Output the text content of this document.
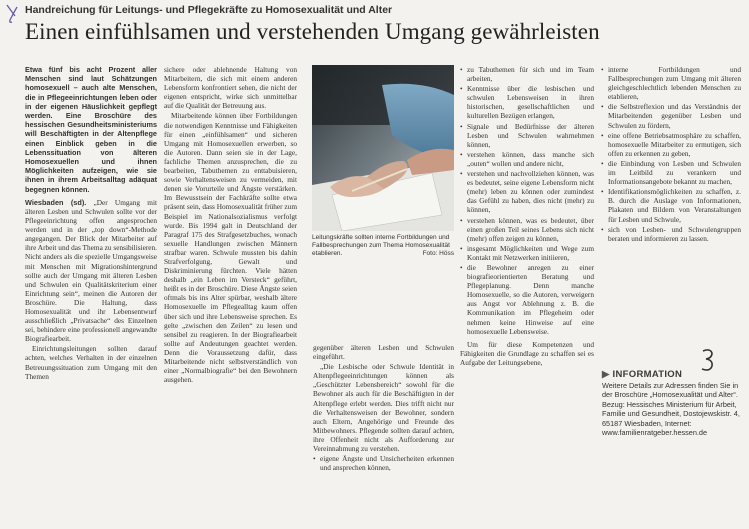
Handreichung für Leitungs- und Pflegekräfte zu Homosexualität und Alter
Einen einfühlsamen und verstehenden Umgang gewährleisten

Etwa fünf bis acht Prozent aller Menschen sind laut Schätzungen homosexuell – auch alte Menschen, die in Pflegeeinrichtungen leben oder in der eigenen Häuslichkeit gepflegt werden. Eine Broschüre des hessischen Gesundheitsministeriums will Beschäftigten in der Altenpflege einen Einblick geben in die Lebenssituation von älteren Homosexuellen und ihnen Möglichkeiten aufzeigen, wie sie ihnen in ihrem Arbeitsalltag adäquat begegnen können.

Wiesbaden (sd). „Der Umgang mit älteren Lesben und Schwulen sollte vor der Pflegeeinrichtung offen angesprochen werden und in der „top down“-Methode angegangen. Der Blick der Mitarbeiter auf ihre Arbeit und das Thema zu sensibilisieren. Nicht anders als die spezielle Umgangsweise mit Menschen mit Migrationshintergrund sollte auch der Umgang mit älteren Lesben und Schwulen ein Qualitätskriterium einer Einrichtung sein“, meinen die Autoren der Broschüre. Die Haltung, dass Homosexualität und ihr Lebensentwurf ausschließlich „Privatsache“ des Einzelnen sei, behindere eine professionell angewandte Biografiearbeit.

Einrichtungsleitungen sollten darauf achten, welches Verhalten in der einzelnen Betreuungssituation zum Umgang mit den Themen

sichere oder ablehnende Haltung von Mitarbeitern, die sich mit einem anderen Lebensform konfrontiert sehen, die nicht der eigenen entspricht, wirke sich unmittelbar auf die Qualität der Betreuung aus.

Mitarbeitende können über Fortbildungen die notwendigen Kenntnisse und Fähigkeiten für einen „einfühlsamen“ und sicheren Umgang mit Homosexuellen erwerben, so die Autoren. Dann seien sie in der Lage, fachliche Themen anzusprechen, die zu bearbeiten, Tabuthemen zu enttabuisieren, sowie Verhaltensweisen zu vermeiden, mit denen sie Vorurteile und Ängste verstärken. Im Bewusstsein der Fachkräfte sollte etwa präsent sein, dass Homosexualität früher zum Beispiel im Nationalsozialismus verfolgt wurde. Bis 1994 galt in Deutschland der Paragraf 175 des Strafgesetzbuches, wonach sexuelle Handlungen zwischen Männern strafbar waren. Schwule mussten bis dahin Strafverfolgung, Gewalt und Diskriminierung fürchten. Viele hätten deshalb „ein Leben im Versteck“ geführt, heißt es in der Broschüre. Diese Ängste seien oftmals bis ins Alter spürbar, weshalb ältere Homosexuelle im Pflegealltag kaum offen über sich und ihre Lebensweise sprechen. Es gelte „zwischen den Zeilen“ zu lesen und sensibel zu reagieren. In der Biografiearbeit sollte auf Andeutungen geachtet werden. Denn die Voraussetzung dafür, dass Mitarbeitende nicht selbstverständlich von einer „Normalbiografie“ bei den Bewohnern ausgehen.

Leitungskräfte sollten interne Fortbildungen und Fallbesprechungen zum Thema Homosexualität etablieren.	Foto: Höss

gegenüber älteren Lesben und Schwulen eingeführt.

„Die Lesbische oder Schwule Identität in Altenpflegeeinrichtungen können als „Geschützter Lebensbereich“ sowohl für die Bewohner als auch für die Beschäftigten in der Altenpflege erlebt werden. Dies trifft nicht nur die Verhaltensweisen der Bewohner, sondern auch Eltern, Angehörige und Freunde des Mitbewohners. Pflegende sollten darauf achten, ihre Offenheit nicht als Aufforderung zur Vereinnahmung zu verstehen.

• eigene Ängste und Unsicherheiten erkennen und ansprechen können,

• zu Tabuthemen für sich und im Team arbeiten,

• Kenntnisse über die lesbischen und schwulen Lebensweisen in ihren historischen, gesellschaftlichen und kulturellen Bezügen erlangen,

• Signale und Bedürfnisse der älteren Lesben und Schwulen wahrnehmen können,

• verstehen können, dass manche sich „outen“ wollen und andere nicht,

• verstehen und nachvollziehen können, was es bedeutet, seine eigene Lebensform nicht (mehr) leben zu können oder zumindest das Gefühl zu haben, dies nicht (mehr) zu können,

• verstehen können, was es bedeutet, über einen großen Teil seines Lebens sich nicht (mehr) offen zeigen zu können,

• insgesamt Möglichkeiten und Wege zum Kontakt mit Netzwerken initiieren,

• die Bewohner anregen zu einer biografieorientierten Beratung und Pflegeplanung. Denn manche Homosexuelle, so die Autoren, verweigern aus Angst vor Ablehnung z. B. die Kommunikation im Pflegeheim oder nehmen keine Hinweise auf eine homosexuelle Lebensweise.

Um für diese Kompetenzen und Fähigkeiten die Grundlage zu schaffen sei es Aufgabe der Leitungsebene,

• interne Fortbildungen und Fallbesprechungen zum Umgang mit älteren gleichgeschlechtlich lebenden Menschen zu etablieren,

• die Selbstreflexion und das Verständnis der Mitarbeitenden gegenüber Lesben und Schwulen zu fördern,

• eine offene Betriebsatmosphäre zu schaffen, homosexuelle Mitarbeiter zu ermutigen, sich offen zu erkennen zu geben,

• die Einbindung von Lesben und Schwulen im Leitbild zu verankern und Informationsangebote bekannt zu machen,

• Identifikationsmöglichkeiten zu schaffen, z. B. durch die Auslage von Informationen, Plakaten und Bildern von Veranstaltungen für Lesben und Schwule,

• sich von Lesben- und Schwulengruppen beraten und informieren zu lassen.

▶ INFORMATION
Weitere Details zur Adressen finden Sie in der Broschüre „Homosexualität und Alter“. Bezug: Hessisches Ministerium für Arbeit, Familie und Gesundheit, Dostojewskistr. 4, 65187 Wiesbaden, Internet: www.familienratgeber.hessen.de
